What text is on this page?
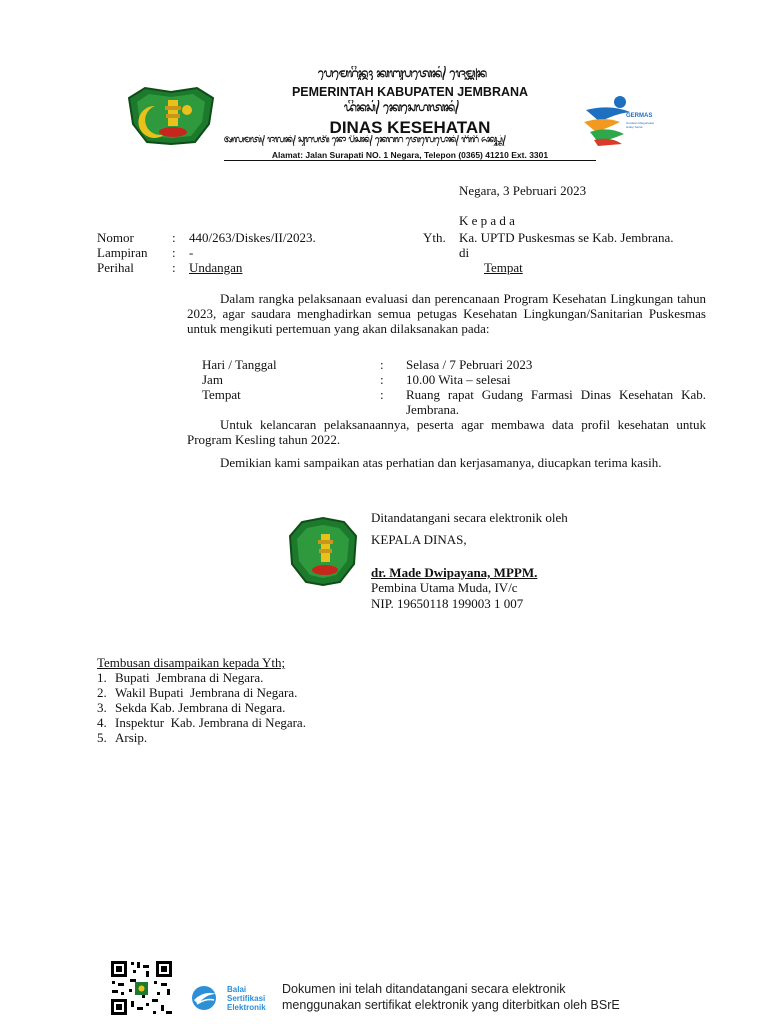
ᬧᬾᬫᬾᬭᬶᬦ᭄ᬢᬄ ᬓᬩᬸᬧᬢᬾᬦ᭄ ᬚᬾᬫ᭄ᬩ᭄ᬭᬦ
PEMERINTAH KABUPATEN JEMBRANA
ᬤᬶᬦᬲ᭄ ᬓᬾᬲᬾᬳᬢᬦ᭄
DINAS KESEHATAN
ᬅᬮᬫᬢ᭄ ᬚᬮᬦ᭄ ᬲᬸᬭᬧᬢᬶ ᬦᭀ ᬧᬶᬲᬦ᭄ ᬦᬾᬕᬭ ᬢᬾᬮᬾᬧᭀᬦ᭄ ᬩᬶᬭᬶ ᬏᬓ᭄ᬲ᭄ᬢ᭄
Alamat: Jalan Surapati NO. 1 Negara, Telepon (0365) 41210 Ext. 3301
GERMAS
Gerakan Masyarakat Hidup Sehat
Negara, 3 Pebruari 2023
K e p a d a
Nomor	: 440/263/Diskes/II/2023.
Lampiran : -
Perihal	: Undangan
Yth. Ka. UPTD Puskesmas se Kab. Jembrana.
di
Tempat
Dalam rangka pelaksanaan evaluasi dan perencanaan Program Kesehatan Lingkungan tahun 2023, agar saudara menghadirkan semua petugas Kesehatan Lingkungan/Sanitarian Puskesmas untuk mengikuti pertemuan yang akan dilaksanakan pada:
Hari / Tanggal	: Selasa / 7 Pebruari 2023
Jam	: 10.00 Wita – selesai
Tempat	: Ruang rapat Gudang Farmasi Dinas Kesehatan Kab. Jembrana.
Untuk kelancaran pelaksanaannya, peserta agar membawa data profil kesehatan untuk Program Kesling tahun 2022.
Demikian kami sampaikan atas perhatian dan kerjasamanya, diucapkan terima kasih.
Ditandatangani secara elektronik oleh
KEPALA DINAS,
dr. Made Dwipayana, MPPM.
Pembina Utama Muda, IV/c
NIP. 19650118 199003 1 007
Tembusan disampaikan kepada Yth;
1. Bupati  Jembrana di Negara.
2. Wakil Bupati  Jembrana di Negara.
3. Sekda Kab. Jembrana di Negara.
4. Inspektur  Kab. Jembrana di Negara.
5. Arsip.
Balai
Sertifikasi
Elektronik
Dokumen ini telah ditandatangani secara elektronik
menggunakan sertifikat elektronik yang diterbitkan oleh BSrE
